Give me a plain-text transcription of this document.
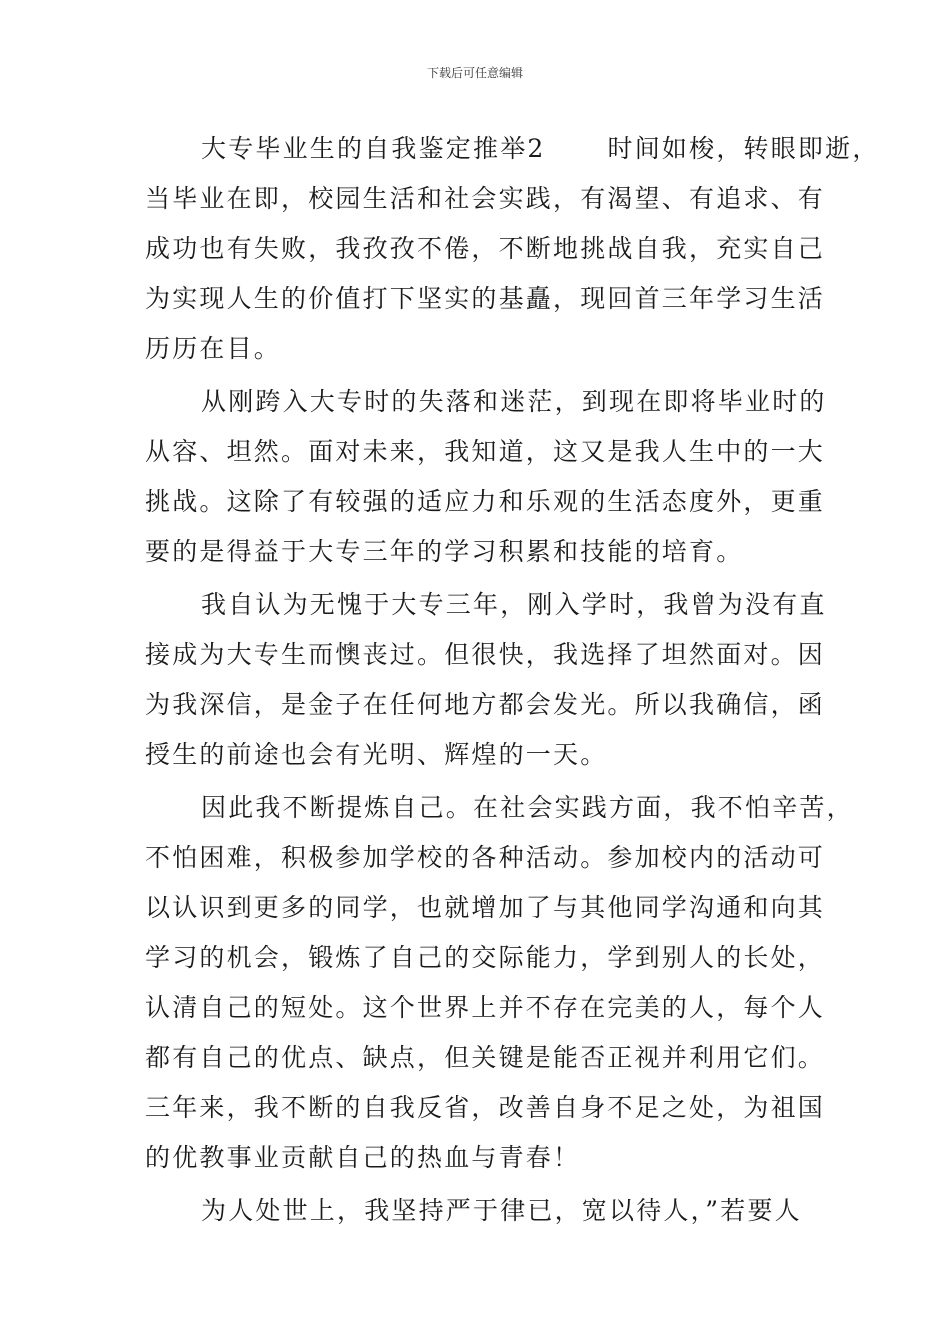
下载后可任意编辑
大专毕业生的自我鉴定推举2 时间如梭，转眼即逝，
当毕业在即，校园生活和社会实践，有渴望、有追求、有
成功也有失败，我孜孜不倦，不断地挑战自我，充实自己
为实现人生的价值打下坚实的基矗，现回首三年学习生活
历历在目。
从刚跨入大专时的失落和迷茫，到现在即将毕业时的
从容、坦然。面对未来，我知道，这又是我人生中的一大
挑战。这除了有较强的适应力和乐观的生活态度外，更重
要的是得益于大专三年的学习积累和技能的培育。
我自认为无愧于大专三年，刚入学时，我曾为没有直
接成为大专生而懊丧过。但很快，我选择了坦然面对。因
为我深信，是金子在任何地方都会发光。所以我确信，函
授生的前途也会有光明、辉煌的一天。
因此我不断提炼自己。在社会实践方面，我不怕辛苦，
不怕困难，积极参加学校的各种活动。参加校内的活动可
以认识到更多的同学，也就增加了与其他同学沟通和向其
学习的机会，锻炼了自己的交际能力，学到别人的长处，
认清自己的短处。这个世界上并不存在完美的人，每个人
都有自己的优点、缺点，但关键是能否正视并利用它们。
三年来，我不断的自我反省，改善自身不足之处，为祖国
的优教事业贡献自己的热血与青春！
为人处世上，我坚持严于律已，宽以待人，”若要人
